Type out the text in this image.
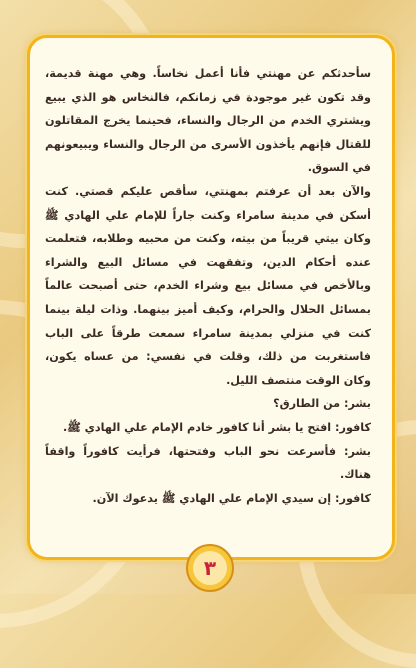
سأحدثكم عن مهنتي فأنا أعمل نخاساً. وهي مهنة قديمة، وقد تكون غير موجودة في زمانكم، فالنخاس هو الذي يبيع ويشتري الخدم من الرجال والنساء، فحينما يخرج المقاتلون للقتال فإنهم يأخذون الأسرى من الرجال والنساء ويبيعونهم في السوق.

والآن بعد أن عرفتم بمهنتي، سأقص عليكم قصتي. كنت أسكن في مدينة سامراء وكنت جاراً للإمام علي الهادي ﷺ وكان بيتي قريباً من بيته، وكنت من محبيه وطلابه، فتعلمت عنده أحكام الدين، وتفقهت في مسائل البيع والشراء وبالأخص في مسائل بيع وشراء الخدم، حتى أصبحت عالماً بمسائل الحلال والحرام، وكيف أميز بينهما. وذات ليلة بينما كنت في منزلي بمدينة سامراء سمعت طرقاً على الباب فاستغربت من ذلك، وقلت في نفسي: من عساه يكون، وكان الوقت منتصف الليل.

بشر: من الطارق؟

كافور: افتح يا بشر أنا كافور خادم الإمام علي الهادي ﷺ.

بشر: فأسرعت نحو الباب وفتحتها، فرأيت كافوراً واقفاً هناك.

كافور: إن سيدي الإمام علي الهادي ﷺ يدعوك الآن.

٣
